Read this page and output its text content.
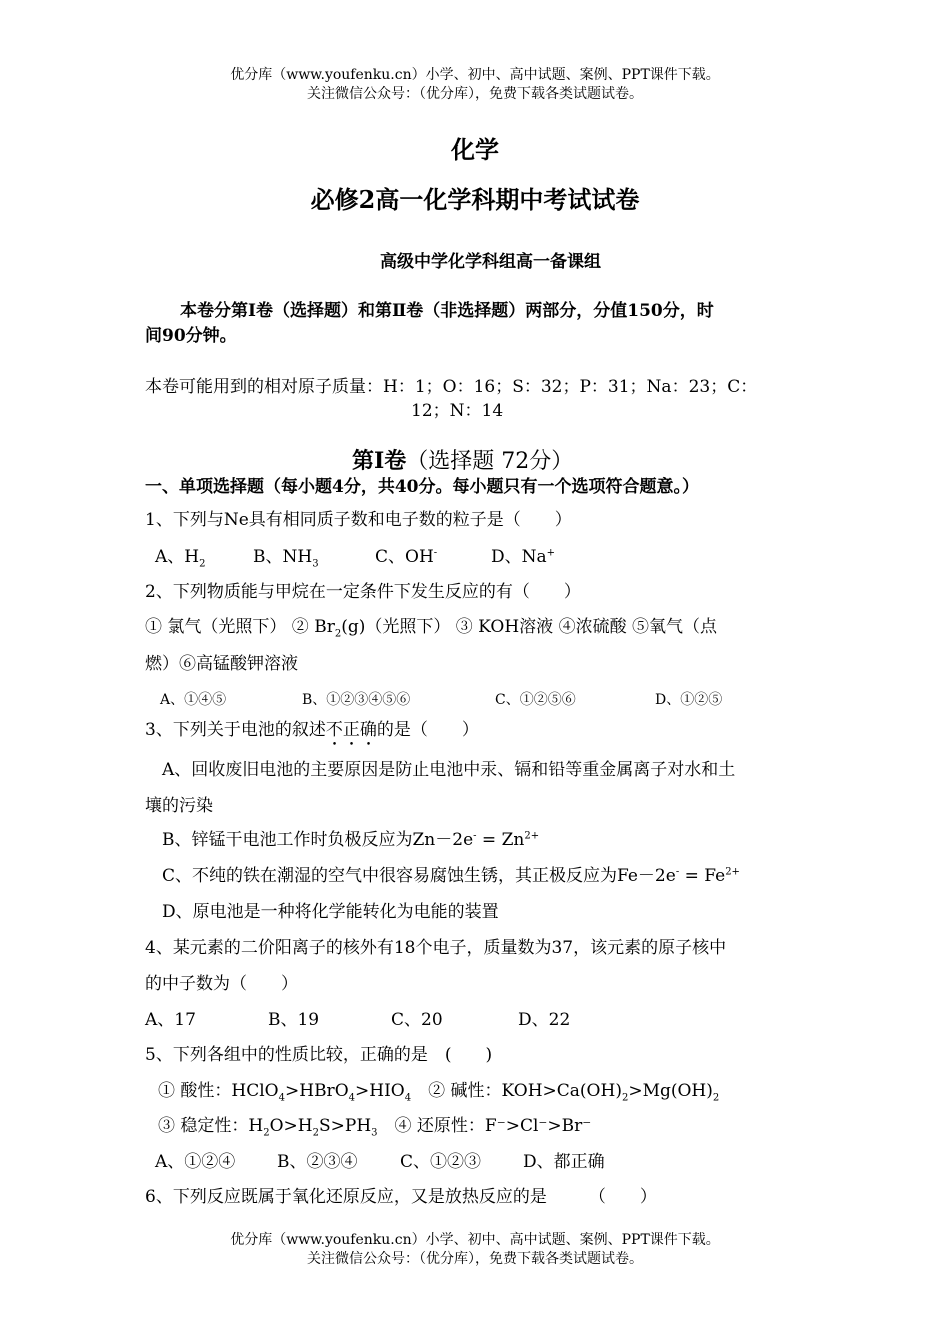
优分库（www.youfenku.cn）小学、初中、高中试题、案例、PPT课件下载。
关注微信公众号：（优分库），免费下载各类试题试卷。
化学
必修2高一化学科期中考试试卷
高级中学化学科组高一备课组
本卷分第Ⅰ卷（选择题）和第Ⅱ卷（非选择题）两部分，分值150分，时
间90分钟。
本卷可能用到的相对原子质量：H：1；O：16；S：32；P：31；Na：23；C：
12；N：14
第Ⅰ卷（选择题 72分）
一、单项选择题（每小题4分，共40分。每小题只有一个选项符合题意。）
1、下列与Ne具有相同质子数和电子数的粒子是（　　）
A、$H_2$	B、$NH_3$	C、OH-	D、Na+
2、下列物质能与甲烷在一定条件下发生反应的有（　　）
① 氯气（光照下） ② $Br_2(g)$（光照下） ③ KOH溶液 ④浓硫酸 ⑤氧气（点
燃）⑥高锰酸钾溶液
A、①④⑤	B、①②③④⑤⑥	C、①②⑤⑥	D、①②⑤
3、下列关于电池的叙述不正确的是（　　）
A、回收废旧电池的主要原因是防止电池中汞、镉和铅等重金属离子对水和土
壤的污染
B、锌锰干电池工作时负极反应为$Zn-2e^- = Zn^{2+}$
C、不纯的铁在潮湿的空气中很容易腐蚀生锈，其正极反应为$Fe-2e^- = Fe^{2+}$
D、原电池是一种将化学能转化为电能的装置
4、某元素的二价阳离子的核外有18个电子，质量数为37，该元素的原子核中
的中子数为（　　）
A、17	B、19	C、20	D、22
5、下列各组中的性质比较，正确的是　(　　)
① 酸性：$HClO_4>HBrO_4>HIO_4$　② 碱性：$KOH>Ca(OH)_2>Mg(OH)_2$
③ 稳定性：$H_2O>H_2S>PH_3$　④ 还原性：F⁻>Cl⁻>Br⁻
A、①②④ B、②③④	C、①②③ D、都正确
6、下列反应既属于氧化还原反应，又是放热反应的是 （　　）
优分库（www.youfenku.cn）小学、初中、高中试题、案例、PPT课件下载。
关注微信公众号：（优分库），免费下载各类试题试卷。
